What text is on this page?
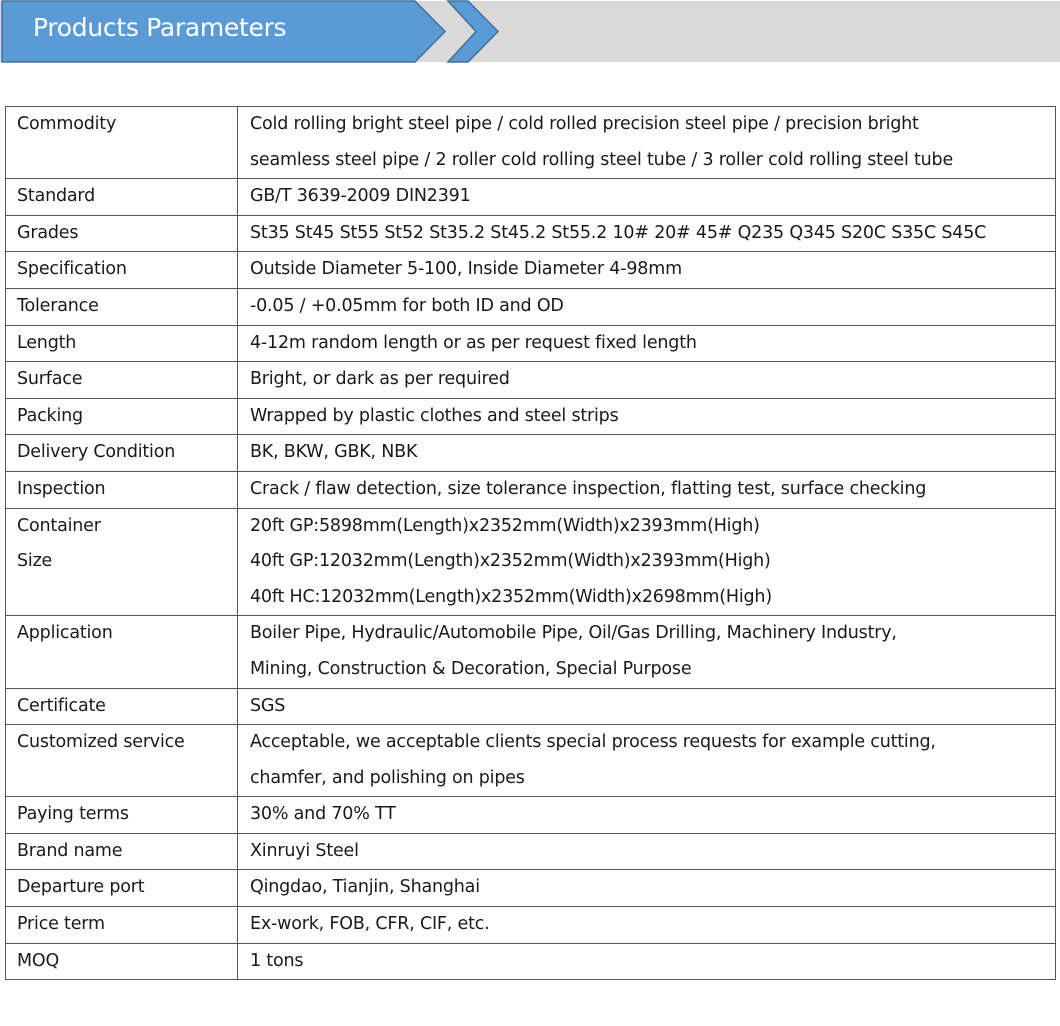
Products Parameters
Commodity	Cold rolling bright steel pipe / cold rolled precision steel pipe / precision bright
seamless steel pipe / 2 roller cold rolling steel tube / 3 roller cold rolling steel tube

Standard	GB/T 3639-2009 DIN2391

Grades	St35 St45 St55 St52 St35.2 St45.2 St55.2 10# 20# 45# Q235 Q345 S20C S35C S45C

Specification	Outside Diameter 5-100, Inside Diameter 4-98mm

Tolerance	-0.05 / +0.05mm for both ID and OD

Length	4-12m random length or as per request fixed length

Surface	Bright, or dark as per required

Packing	Wrapped by plastic clothes and steel strips

Delivery Condition	BK, BKW, GBK, NBK

Inspection	Crack / flaw detection, size tolerance inspection, flatting test, surface checking

Container
Size	20ft GP:5898mm(Length)x2352mm(Width)x2393mm(High)
40ft GP:12032mm(Length)x2352mm(Width)x2393mm(High)
40ft HC:12032mm(Length)x2352mm(Width)x2698mm(High)

Application	Boiler Pipe, Hydraulic/Automobile Pipe, Oil/Gas Drilling, Machinery Industry,
Mining, Construction & Decoration, Special Purpose

Certificate	SGS

Customized service	Acceptable, we acceptable clients special process requests for example cutting,
chamfer, and polishing on pipes

Paying terms	30% and 70% TT

Brand name	Xinruyi Steel

Departure port	Qingdao, Tianjin, Shanghai

Price term	Ex-work, FOB, CFR, CIF, etc.

MOQ	1 tons
